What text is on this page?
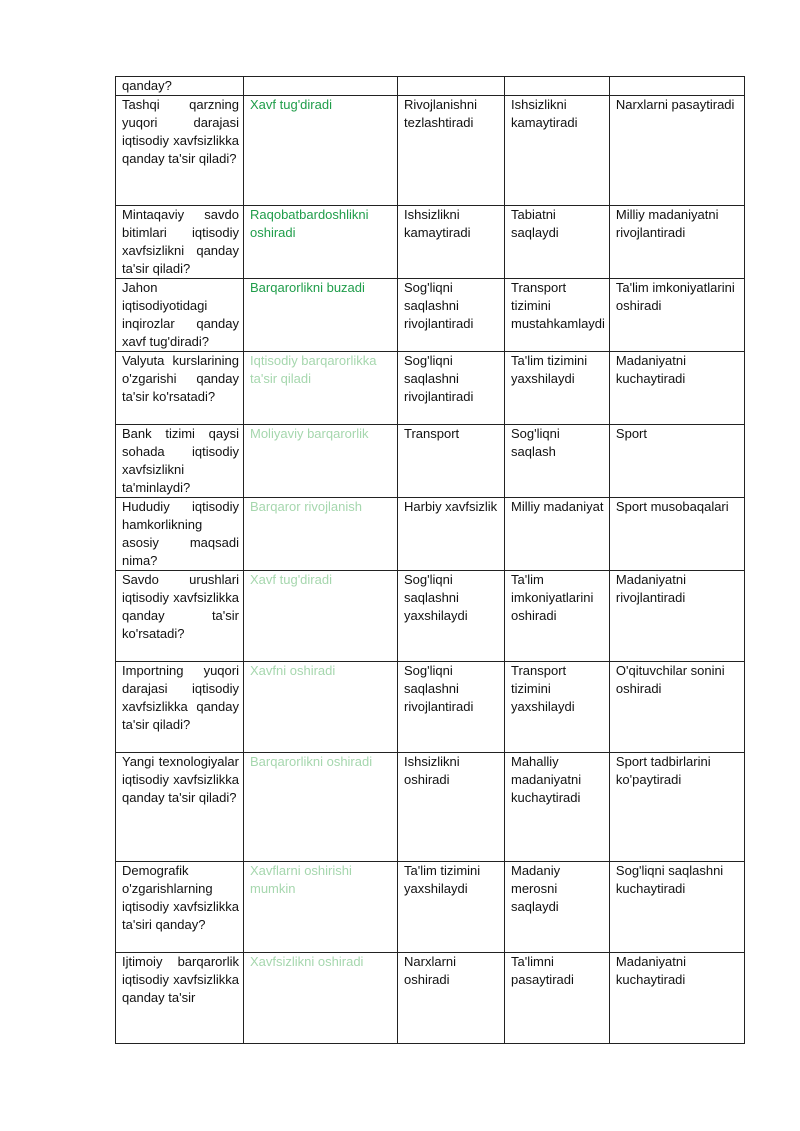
qanday?				
Tashqi qarzning yuqori darajasi iqtisodiy xavfsizlikka qanday ta'sir qiladi?	Xavf tug'diradi	Rivojlanishni tezlashtiradi	Ishsizlikni kamaytiradi	Narxlarni pasaytiradi
Mintaqaviy savdo bitimlari iqtisodiy xavfsizlikni qanday ta'sir qiladi?	Raqobatbardoshlikni oshiradi	Ishsizlikni kamaytiradi	Tabiatni saqlaydi	Milliy madaniyatni rivojlantiradi
Jahon iqtisodiyotidagi inqirozlar qanday xavf tug'diradi?	Barqarorlikni buzadi	Sog'liqni saqlashni rivojlantiradi	Transport tizimini mustahkamlaydi	Ta'lim imkoniyatlarini oshiradi
Valyuta kurslarining o'zgarishi qanday ta'sir ko'rsatadi?	Iqtisodiy barqarorlikka ta'sir qiladi	Sog'liqni saqlashni rivojlantiradi	Ta'lim tizimini yaxshilaydi	Madaniyatni kuchaytiradi
Bank tizimi qaysi sohada iqtisodiy xavfsizlikni ta'minlaydi?	Moliyaviy barqarorlik	Transport	Sog'liqni saqlash	Sport
Hududiy iqtisodiy hamkorlikning asosiy maqsadi nima?	Barqaror rivojlanish	Harbiy xavfsizlik	Milliy madaniyat	Sport musobaqalari
Savdo urushlari iqtisodiy xavfsizlikka qanday ta'sir ko'rsatadi?	Xavf tug'diradi	Sog'liqni saqlashni yaxshilaydi	Ta'lim imkoniyatlarini oshiradi	Madaniyatni rivojlantiradi
Importning yuqori darajasi iqtisodiy xavfsizlikka qanday ta'sir qiladi?	Xavfni oshiradi	Sog'liqni saqlashni rivojlantiradi	Transport tizimini yaxshilaydi	O'qituvchilar sonini oshiradi
Yangi texnologiyalar iqtisodiy xavfsizlikka qanday ta'sir qiladi?	Barqarorlikni oshiradi	Ishsizlikni oshiradi	Mahalliy madaniyatni kuchaytiradi	Sport tadbirlarini ko'paytiradi
Demografik o'zgarishlarning iqtisodiy xavfsizlikka ta'siri qanday?	Xavflarni oshirishi mumkin	Ta'lim tizimini yaxshilaydi	Madaniy merosni saqlaydi	Sog'liqni saqlashni kuchaytiradi
Ijtimoiy barqarorlik iqtisodiy xavfsizlikka qanday ta'sir	Xavfsizlikni oshiradi	Narxlarni oshiradi	Ta'limni pasaytiradi	Madaniyatni kuchaytiradi
